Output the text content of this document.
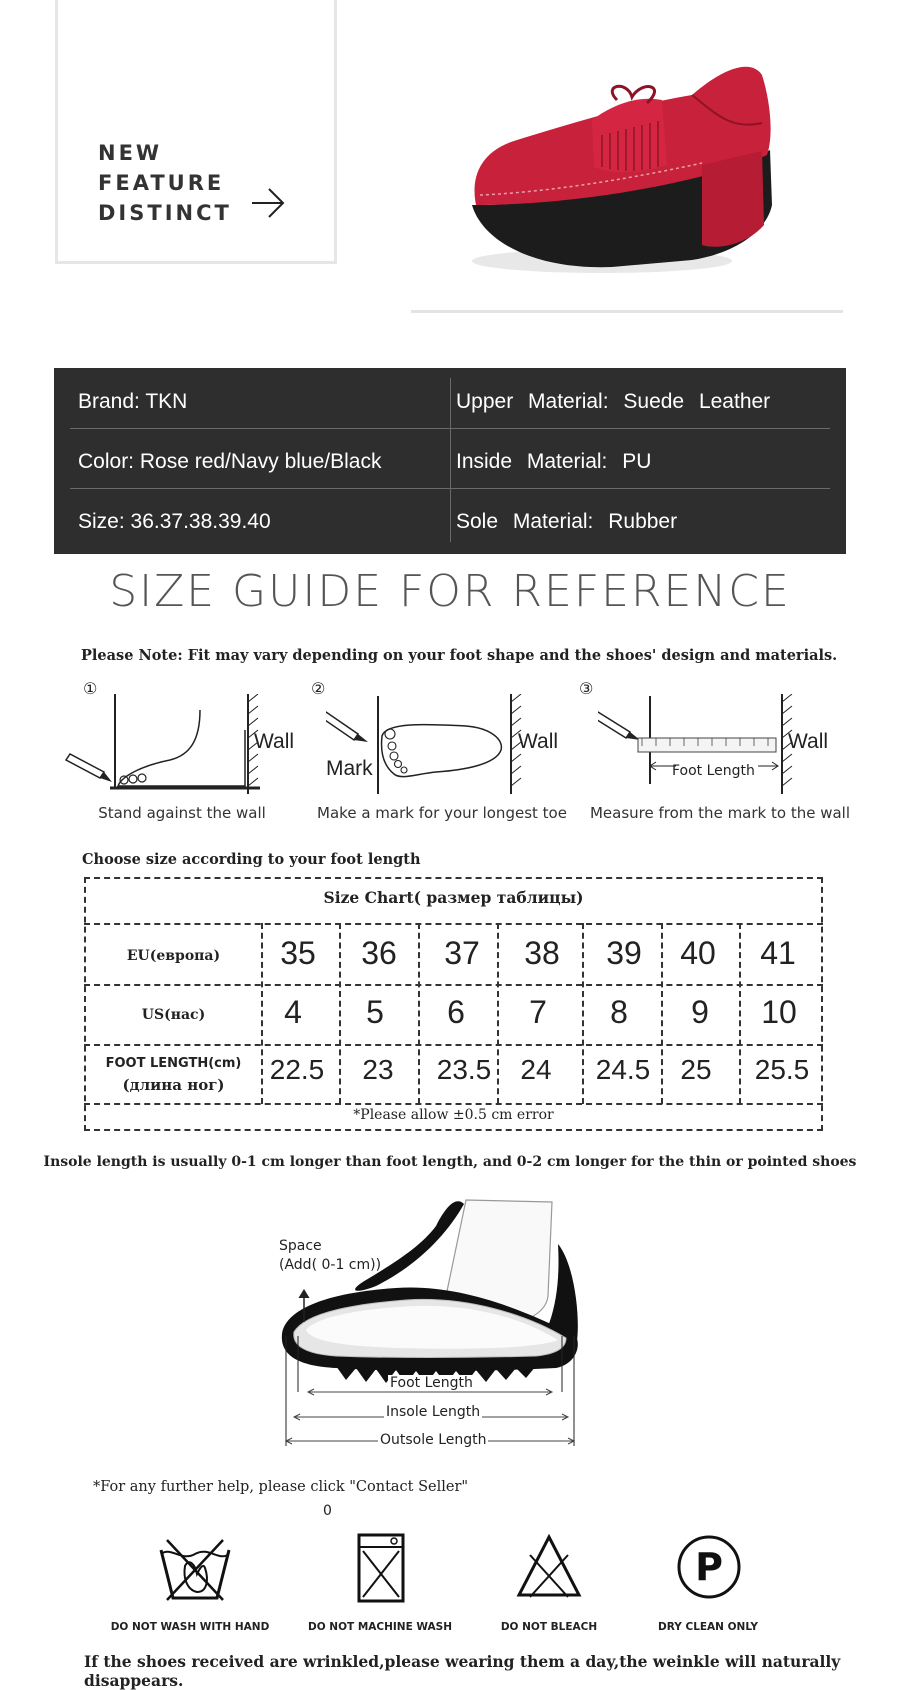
NEW
FEATURE
DISTINCT
Brand: TKN	Upper Material: Suede Leather
Color: Rose red/Navy blue/Black	Inside Material: PU
Size: 36.37.38.39.40	Sole Material: Rubber
SIZE GUIDE FOR REFERENCE
Please Note: Fit may vary depending on your foot shape and the shoes' design and materials.
①
Wall
Stand against the wall
②
Wall
Mark
Make a mark for your longest toe
③
Wall
Foot Length
Measure from the mark to the wall
Choose size according to your foot length
Size Chart( размер таблицы)
EU(европа)	35	36	37	38	39	40	41
US(нас)	4	5	6	7	8	9	10
FOOT LENGTH(cm)
(длина ног)	22.5	23	23.5	24	24.5	25	25.5
*Please allow ±0.5 cm error
Insole length is usually 0-1 cm longer than foot length, and 0-2 cm longer for the thin or pointed shoes
Space
(Add( 0-1 cm))
Foot Length
Insole Length
Outsole Length
*For any further help, please click "Contact Seller"
0
DO NOT WASH WITH HAND	DO NOT MACHINE WASH	DO NOT BLEACH
P
DRY CLEAN ONLY
If the shoes received are wrinkled,please wearing them a day,the weinkle will naturally disappears.
